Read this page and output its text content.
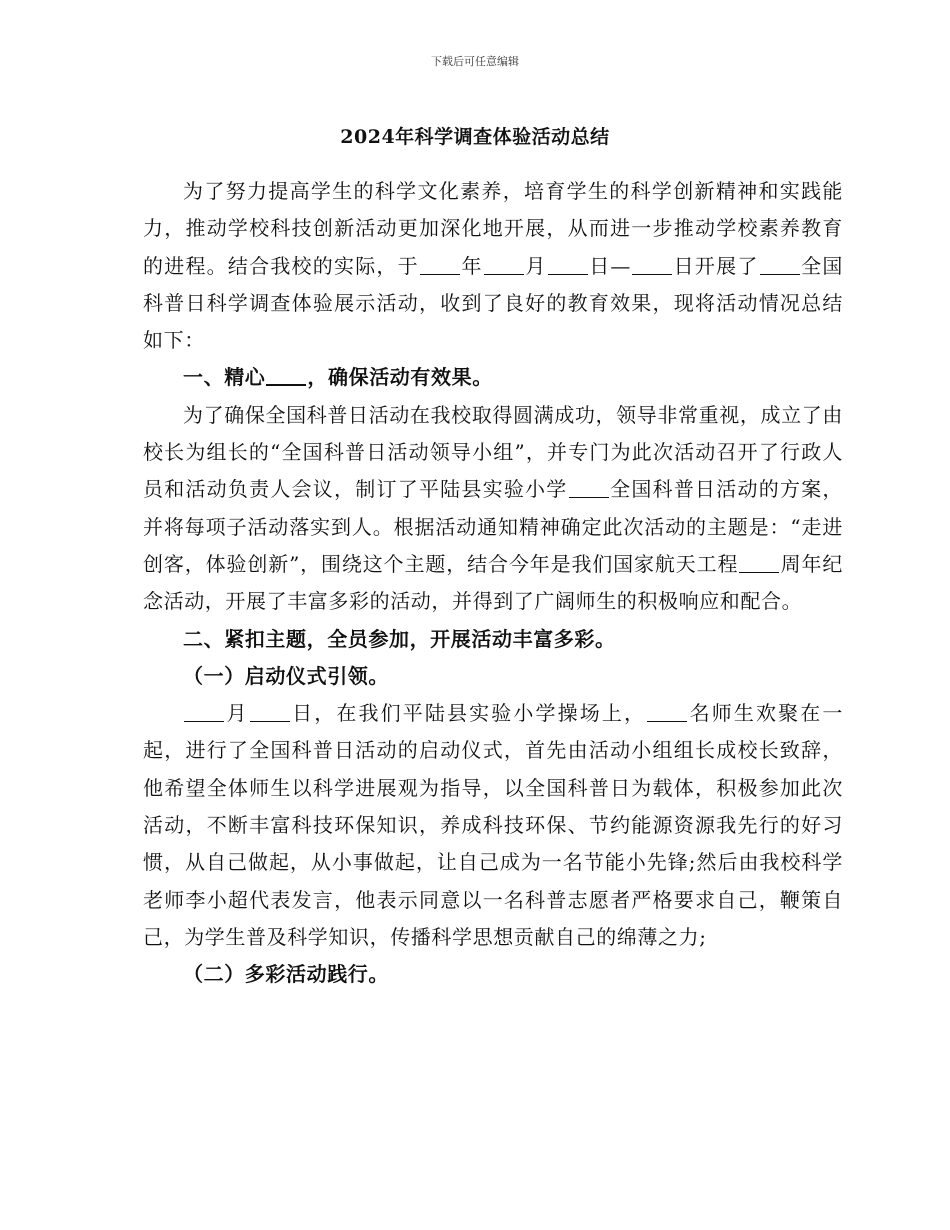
下载后可任意编辑
2024年科学调查体验活动总结

为了努力提高学生的科学文化素养，培育学生的科学创新精神和实践能力，推动学校科技创新活动更加深化地开展，从而进一步推动学校素养教育的进程。结合我校的实际，于 年 月 日— 日开展了 全国科普日科学调查体验展示活动，收到了良好的教育效果，现将活动情况总结如下：

一、精心 ，确保活动有效果。

为了确保全国科普日活动在我校取得圆满成功，领导非常重视，成立了由校长为组长的“全国科普日活动领导小组”，并专门为此次活动召开了行政人员和活动负责人会议，制订了平陆县实验小学 全国科普日活动的方案，并将每项子活动落实到人。根据活动通知精神确定此次活动的主题是：“走进创客，体验创新”，围绕这个主题，结合今年是我们国家航天工程 周年纪念活动，开展了丰富多彩的活动，并得到了广阔师生的积极响应和配合。

二、紧扣主题，全员参加，开展活动丰富多彩。

（一）启动仪式引领。

月 日，在我们平陆县实验小学操场上， 名师生欢聚在一起，进行了全国科普日活动的启动仪式，首先由活动小组组长成校长致辞，他希望全体师生以科学进展观为指导，以全国科普日为载体，积极参加此次活动，不断丰富科技环保知识，养成科技环保、节约能源资源我先行的好习惯，从自己做起，从小事做起，让自己成为一名节能小先锋;然后由我校科学老师李小超代表发言，他表示同意以一名科普志愿者严格要求自己，鞭策自己，为学生普及科学知识，传播科学思想贡献自己的绵薄之力;

（二）多彩活动践行。
